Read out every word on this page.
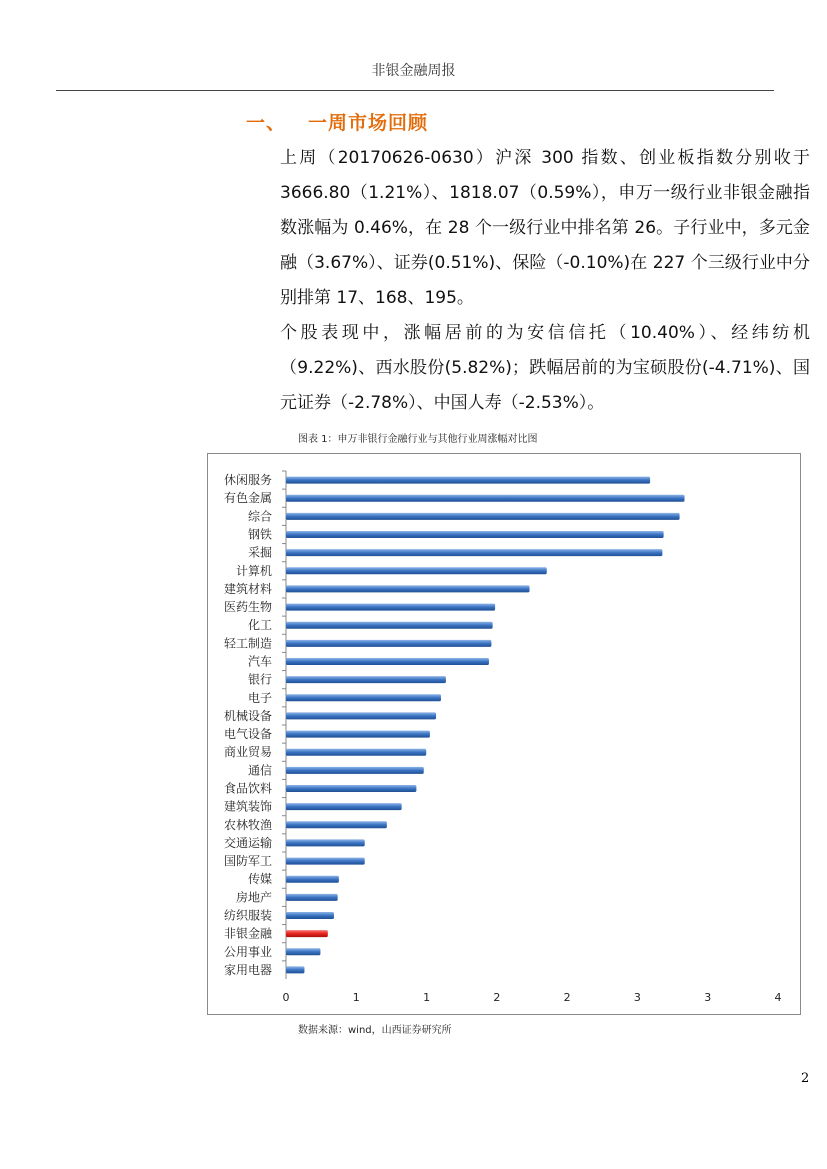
非银金融周报
一、 一周市场回顾
上周（20170626-0630）沪深 300 指数、创业板指数分别收于 3666.80（1.21%）、1818.07（0.59%），申万一级行业非银金融指数涨幅为 0.46%，在 28 个一级行业中排名第 26。子行业中，多元金融（3.67%）、证券(0.51%)、保险（-0.10%)在 227 个三级行业中分别排第 17、168、195。
个股表现中，涨幅居前的为安信信托（10.40%）、经纬纺机（9.22%)、西水股份(5.82%)；跌幅居前的为宝硕股份(-4.71%)、国元证券（-2.78%）、中国人寿（-2.53%）。
图表 1：申万非银行金融行业与其他行业周涨幅对比图
休闲服务
有色金属
综合
钢铁
采掘
计算机
建筑材料
医药生物
化工
轻工制造
汽车
银行
电子
机械设备
电气设备
商业贸易
通信
食品饮料
建筑装饰
农林牧渔
交通运输
国防军工
传媒
房地产
纺织服装
非银金融
公用事业
家用电器
0	1	1	2	2	3	3	4
数据来源：wind，山西证券研究所
2
